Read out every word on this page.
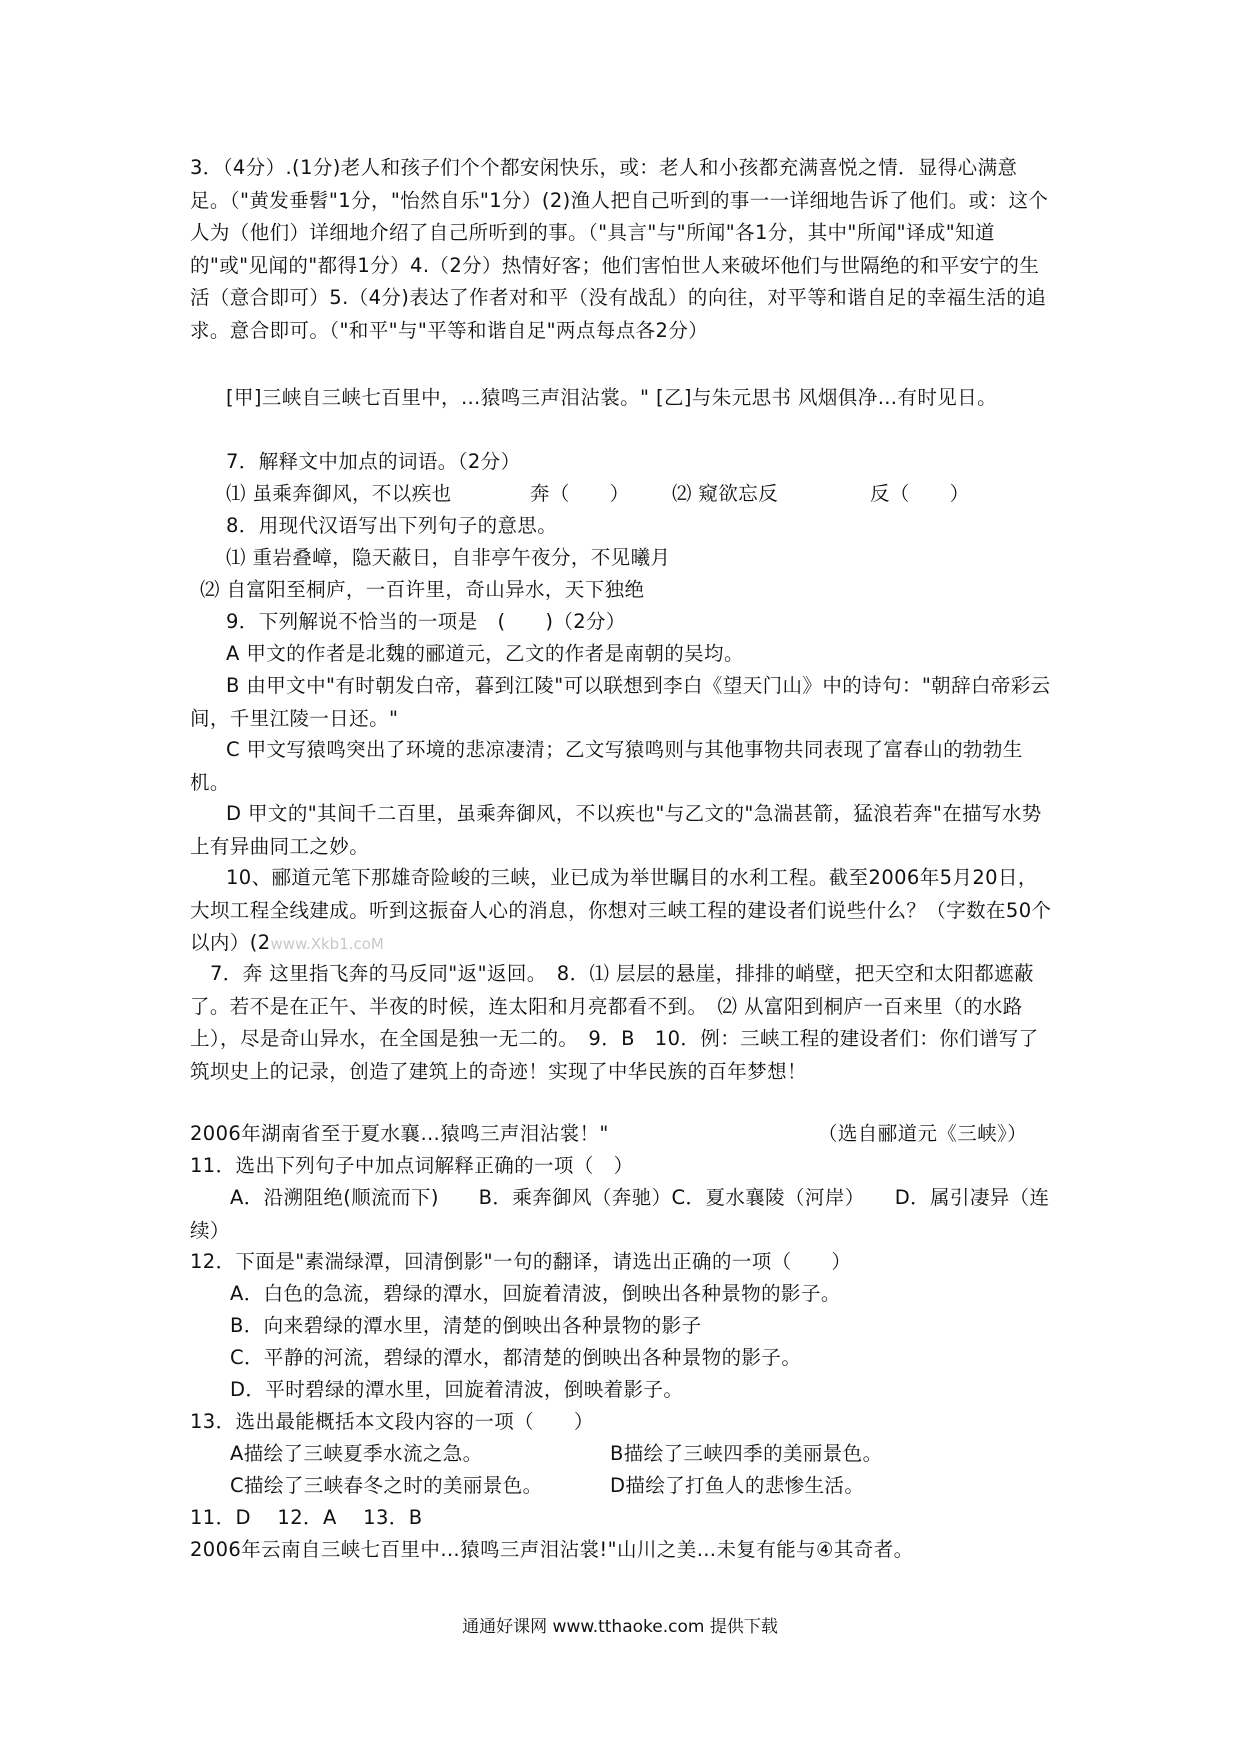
3．（4分）.(1分)老人和孩子们个个都安闲快乐，或：老人和小孩都充满喜悦之情．显得心满意足。（"黄发垂髫"1分，"怡然自乐"1分）(2)渔人把自己听到的事一一详细地告诉了他们。或：这个人为（他们）详细地介绍了自己所听到的事。（"具言"与"所闻"各1分，其中"所闻"译成"知道的"或"见闻的"都得1分）4.（2分）热情好客；他们害怕世人来破坏他们与世隔绝的和平安宁的生活（意合即可）5.（4分)表达了作者对和平（没有战乱）的向往，对平等和谐自足的幸福生活的追求。意合即可。（"和平"与"平等和谐自足"两点每点各2分）
[甲]三峡自三峡七百里中，…猿鸣三声泪沾裳。" [乙]与朱元思书 风烟俱净…有时见日。
7．解释文中加点的词语。（2分）
⑴ 虽乘奔御风，不以疾也	奔（　　） ⑵ 窥欲忘反	反（　　）
8．用现代汉语写出下列句子的意思。
⑴ 重岩叠嶂，隐天蔽日，自非亭午夜分，不见曦月
⑵ 自富阳至桐庐，一百许里，奇山异水，天下独绝
9．下列解说不恰当的一项是　(　　)（2分）
A 甲文的作者是北魏的郦道元，乙文的作者是南朝的吴均。
B 由甲文中"有时朝发白帝，暮到江陵"可以联想到李白《望天门山》中的诗句："朝辞白帝彩云间，千里江陵一日还。"
C 甲文写猿鸣突出了环境的悲凉凄清；乙文写猿鸣则与其他事物共同表现了富春山的勃勃生机。
D 甲文的"其间千二百里，虽乘奔御风，不以疾也"与乙文的"急湍甚箭，猛浪若奔"在描写水势上有异曲同工之妙。
10、郦道元笔下那雄奇险峻的三峡，业已成为举世瞩目的水利工程。截至2006年5月20日，大坝工程全线建成。听到这振奋人心的消息，你想对三峡工程的建设者们说些什么？（字数在50个以内）(2www.Xkb1.coM
7．奔 这里指飞奔的马反同"返"返回。　8．⑴ 层层的悬崖，排排的峭壁，把天空和太阳都遮蔽了。若不是在正午、半夜的时候，连太阳和月亮都看不到。　⑵ 从富阳到桐庐一百来里（的水路上），尽是奇山异水，在全国是独一无二的。　9．B　10．例：三峡工程的建设者们：你们谱写了筑坝史上的记录，创造了建筑上的奇迹！实现了中华民族的百年梦想！
2006年湖南省至于夏水襄…猿鸣三声泪沾裳！"	（选自郦道元《三峡》）
11．选出下列句子中加点词解释正确的一项（　）
A．沿溯阻绝(顺流而下)　　B．乘奔御风（奔驰）C．夏水襄陵（河岸）　　D．属引凄异（连续）
12．下面是"素湍绿潭，回清倒影"一句的翻译，请选出正确的一项（　　）
A．白色的急流，碧绿的潭水，回旋着清波，倒映出各种景物的影子。
B．向来碧绿的潭水里，清楚的倒映出各种景物的影子
C．平静的河流，碧绿的潭水，都清楚的倒映出各种景物的影子。
D．平时碧绿的潭水里，回旋着清波，倒映着影子。
13．选出最能概括本文段内容的一项（　　）
A描绘了三峡夏季水流之急。	B描绘了三峡四季的美丽景色。
C描绘了三峡春冬之时的美丽景色。	D描绘了打鱼人的悲惨生活。
11．D　 12．A　 13．B
2006年云南自三峡七百里中…猿鸣三声泪沾裳!"山川之美…未复有能与④其奇者。
通通好课网 www.tthaoke.com 提供下载
